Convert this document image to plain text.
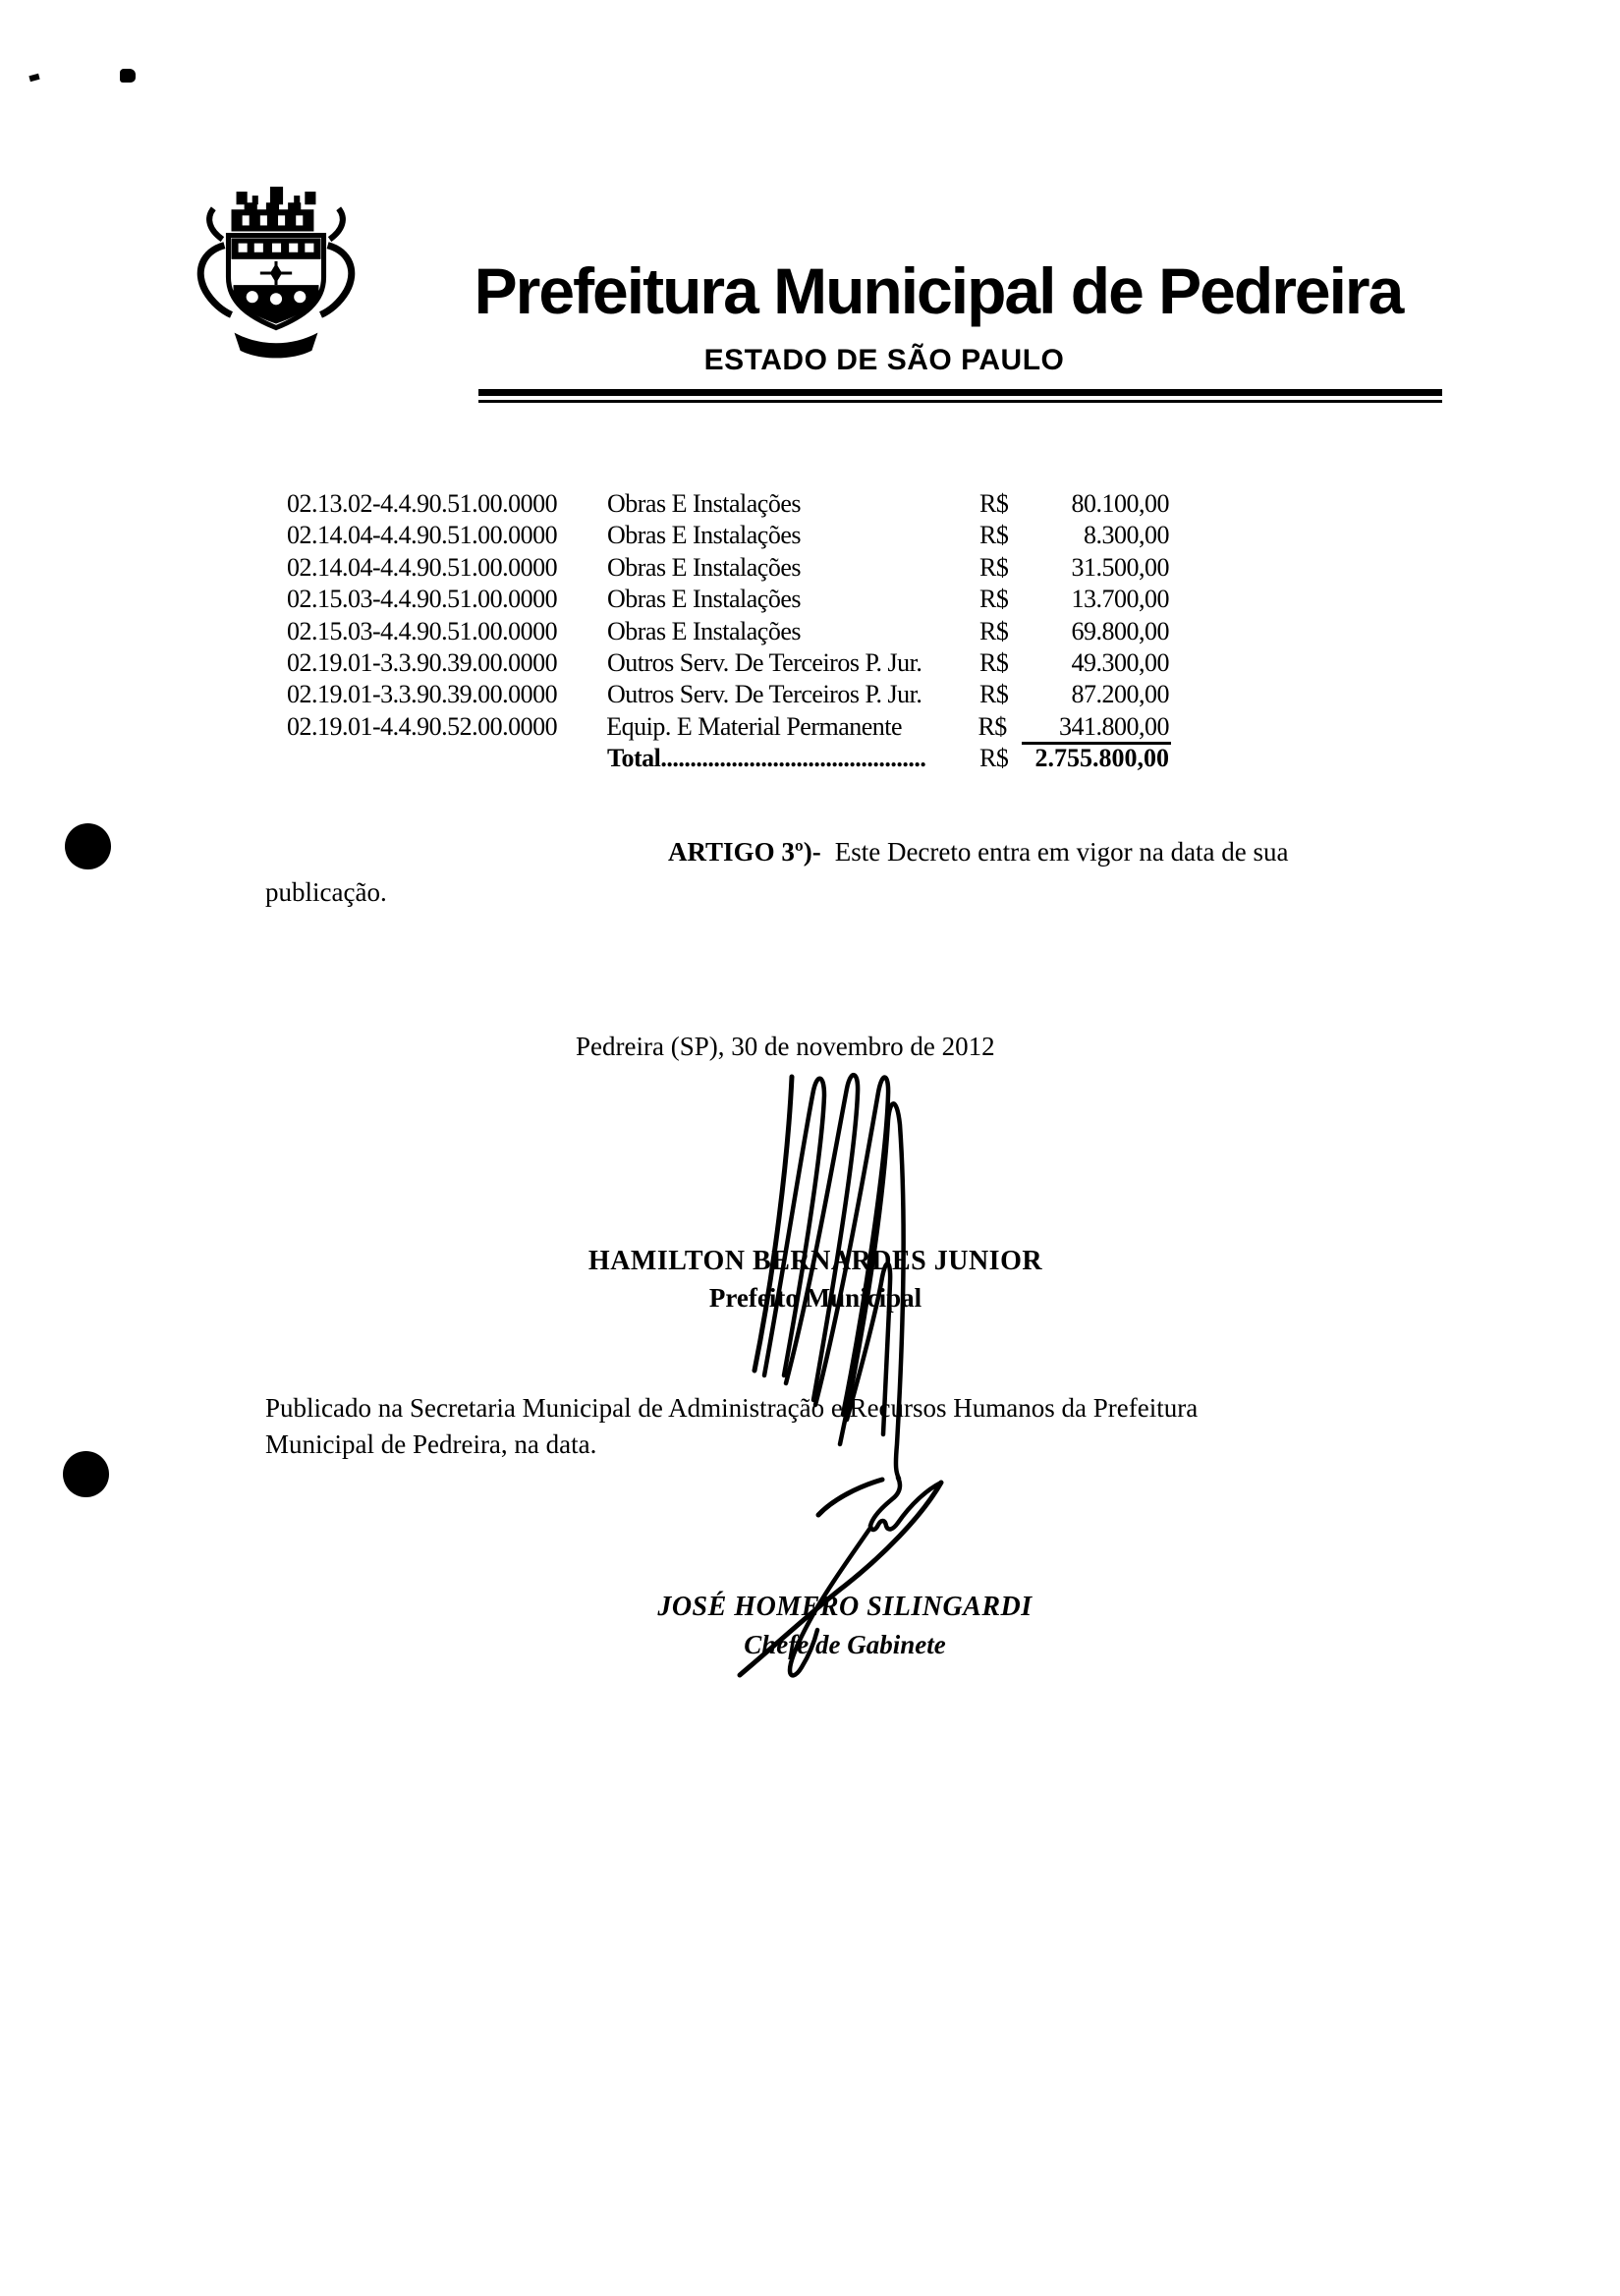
Prefeitura Municipal de Pedreira
ESTADO DE SÃO PAULO
02.13.02-4.4.90.51.00.0000	Obras E Instalações	R$	80.100,00
02.14.04-4.4.90.51.00.0000	Obras E Instalações	R$	8.300,00
02.14.04-4.4.90.51.00.0000	Obras E Instalações	R$	31.500,00
02.15.03-4.4.90.51.00.0000	Obras E Instalações	R$	13.700,00
02.15.03-4.4.90.51.00.0000	Obras E Instalações	R$	69.800,00
02.19.01-3.3.90.39.00.0000	Outros Serv. De Terceiros P. Jur.	R$	49.300,00
02.19.01-3.3.90.39.00.0000	Outros Serv. De Terceiros P. Jur.	R$	87.200,00
02.19.01-4.4.90.52.00.0000	Equip. E Material Permanente	R$	341.800,00
Total.............................................	R$	2.755.800,00
ARTIGO 3º)- Este Decreto entra em vigor na data de sua
publicação.
Pedreira (SP), 30 de novembro de 2012
HAMILTON BERNARDES JUNIOR
Prefeito Municipal
Publicado na Secretaria Municipal de Administração e Recursos Humanos da Prefeitura
Municipal de Pedreira, na data.
JOSÉ HOMERO SILINGARDI
Chefe de Gabinete
